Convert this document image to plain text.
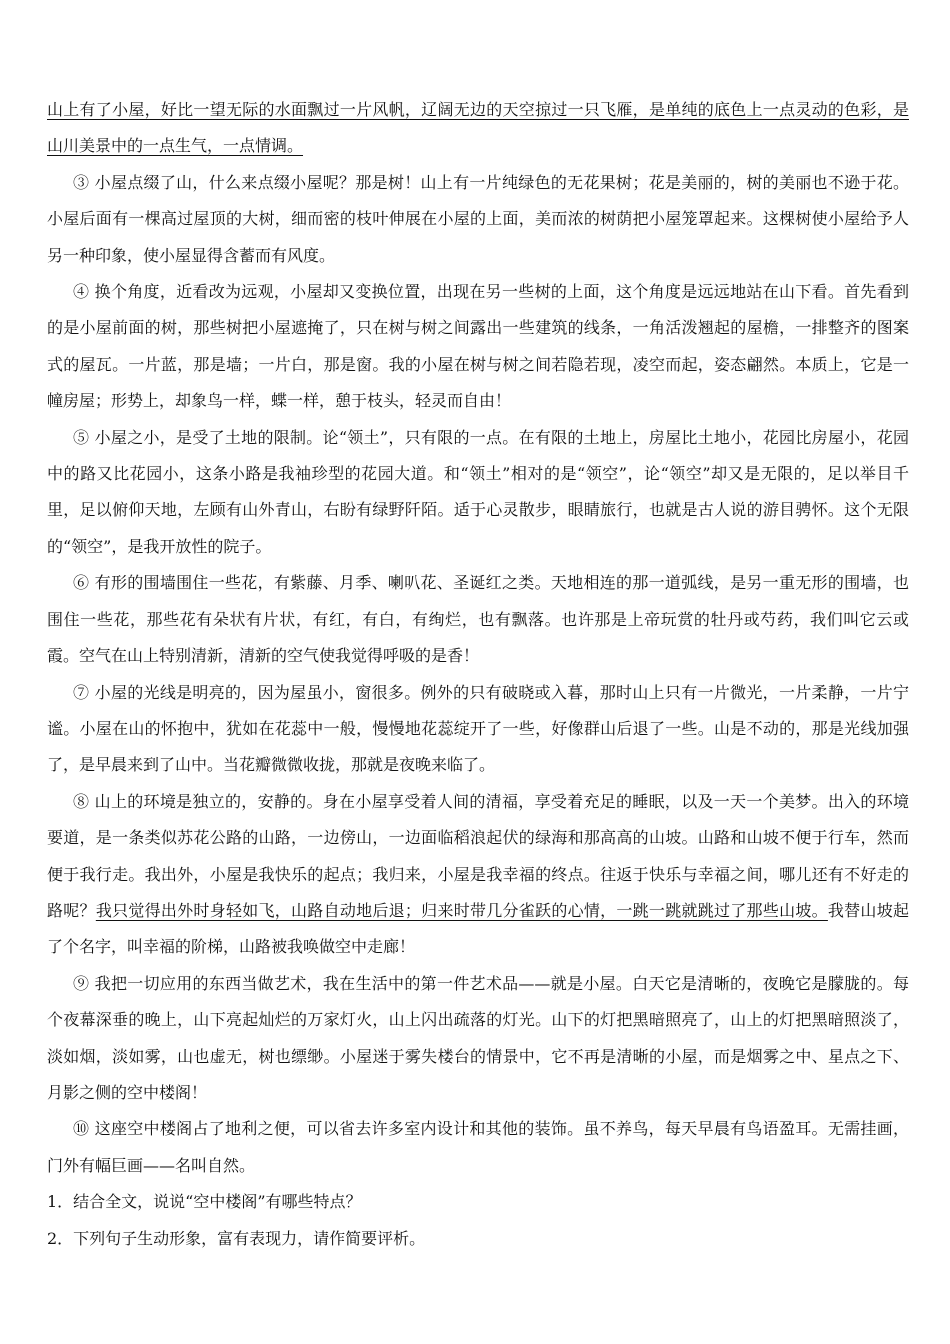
山上有了小屋，好比一望无际的水面飘过一片风帆，辽阔无边的天空掠过一只飞雁，是单纯的底色上一点灵动的色彩，是山川美景中的一点生气，一点情调。

③ 小屋点缀了山，什么来点缀小屋呢？那是树！山上有一片纯绿色的无花果树；花是美丽的，树的美丽也不逊于花。小屋后面有一棵高过屋顶的大树，细而密的枝叶伸展在小屋的上面，美而浓的树荫把小屋笼罩起来。这棵树使小屋给予人另一种印象，使小屋显得含蓄而有风度。

④ 换个角度，近看改为远观，小屋却又变换位置，出现在另一些树的上面，这个角度是远远地站在山下看。首先看到的是小屋前面的树，那些树把小屋遮掩了，只在树与树之间露出一些建筑的线条，一角活泼翘起的屋檐，一排整齐的图案式的屋瓦。一片蓝，那是墙；一片白，那是窗。我的小屋在树与树之间若隐若现，凌空而起，姿态翩然。本质上，它是一幢房屋；形势上，却象鸟一样，蝶一样，憩于枝头，轻灵而自由！

⑤ 小屋之小，是受了土地的限制。论“领土”，只有限的一点。在有限的土地上，房屋比土地小，花园比房屋小，花园中的路又比花园小，这条小路是我袖珍型的花园大道。和“领土”相对的是“领空”，论“领空”却又是无限的，足以举目千里，足以俯仰天地，左顾有山外青山，右盼有绿野阡陌。适于心灵散步，眼睛旅行，也就是古人说的游目骋怀。这个无限的“领空”，是我开放性的院子。

⑥ 有形的围墙围住一些花，有紫藤、月季、喇叭花、圣诞红之类。天地相连的那一道弧线，是另一重无形的围墙，也围住一些花，那些花有朵状有片状，有红，有白，有绚烂，也有飘落。也许那是上帝玩赏的牡丹或芍药，我们叫它云或霞。空气在山上特别清新，清新的空气使我觉得呼吸的是香！

⑦ 小屋的光线是明亮的，因为屋虽小，窗很多。例外的只有破晓或入暮，那时山上只有一片微光，一片柔静，一片宁谧。小屋在山的怀抱中，犹如在花蕊中一般，慢慢地花蕊绽开了一些，好像群山后退了一些。山是不动的，那是光线加强了，是早晨来到了山中。当花瓣微微收拢，那就是夜晚来临了。

⑧ 山上的环境是独立的，安静的。身在小屋享受着人间的清福，享受着充足的睡眠，以及一天一个美梦。出入的环境要道，是一条类似苏花公路的山路，一边傍山，一边面临稻浪起伏的绿海和那高高的山坡。山路和山坡不便于行车，然而便于我行走。我出外，小屋是我快乐的起点；我归来，小屋是我幸福的终点。往返于快乐与幸福之间，哪儿还有不好走的路呢？我只觉得出外时身轻如飞，山路自动地后退；归来时带几分雀跃的心情，一跳一跳就跳过了那些山坡。我替山坡起了个名字，叫幸福的阶梯，山路被我唤做空中走廊！

⑨ 我把一切应用的东西当做艺术，我在生活中的第一件艺术品——就是小屋。白天它是清晰的，夜晚它是朦胧的。每个夜幕深垂的晚上，山下亮起灿烂的万家灯火，山上闪出疏落的灯光。山下的灯把黑暗照亮了，山上的灯把黑暗照淡了，淡如烟，淡如雾，山也虚无，树也缥缈。小屋迷于雾失楼台的情景中，它不再是清晰的小屋，而是烟雾之中、星点之下、月影之侧的空中楼阁！

⑩ 这座空中楼阁占了地利之便，可以省去许多室内设计和其他的装饰。虽不养鸟，每天早晨有鸟语盈耳。无需挂画，门外有幅巨画——名叫自然。

1．结合全文，说说“空中楼阁”有哪些特点？

2．下列句子生动形象，富有表现力，请作简要评析。
